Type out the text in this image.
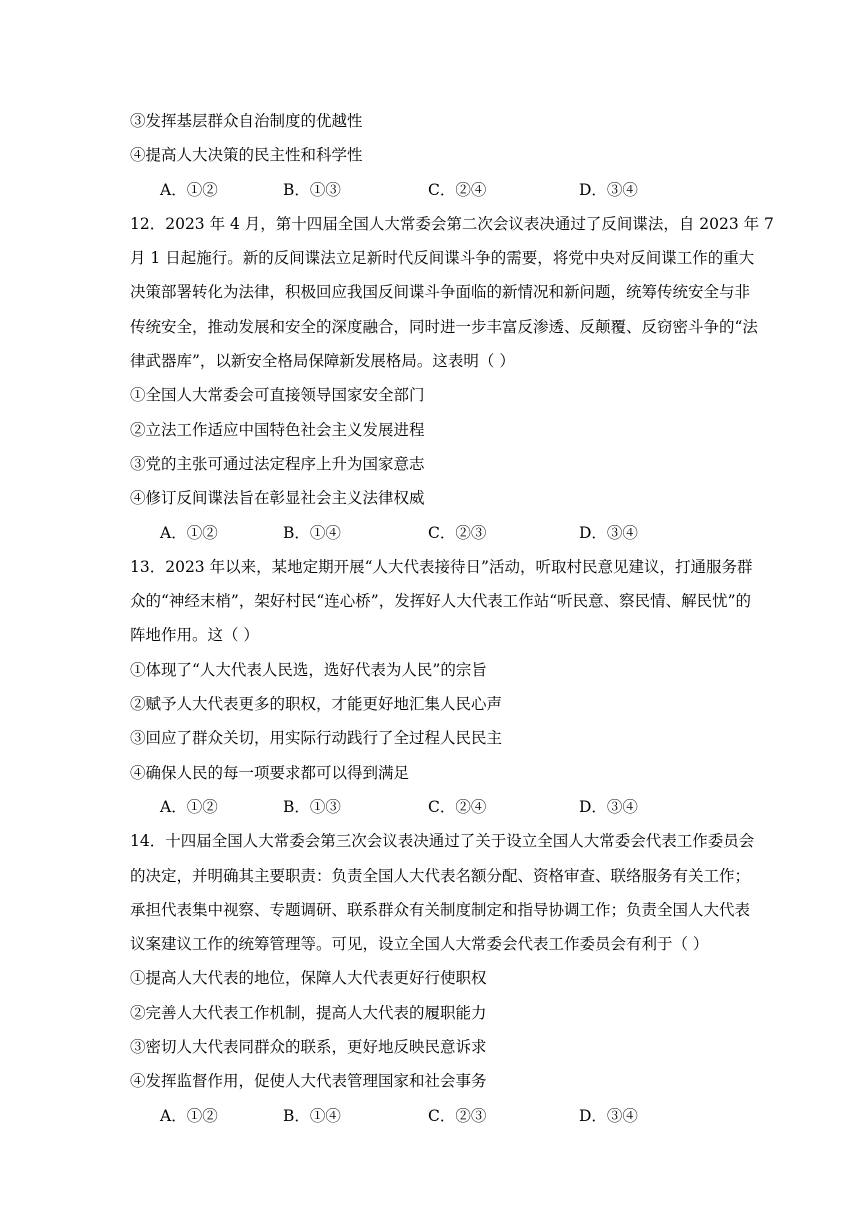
③发挥基层群众自治制度的优越性
④提高人大决策的民主性和科学性
A．①②	B．①③	C．②④	D．③④
12．2023 年 4 月，第十四届全国人大常委会第二次会议表决通过了反间谍法，自 2023 年 7
月 1 日起施行。新的反间谍法立足新时代反间谍斗争的需要，将党中央对反间谍工作的重大
决策部署转化为法律，积极回应我国反间谍斗争面临的新情况和新问题，统筹传统安全与非
传统安全，推动发展和安全的深度融合，同时进一步丰富反渗透、反颠覆、反窃密斗争的“法
律武器库”，以新安全格局保障新发展格局。这表明（ ）
①全国人大常委会可直接领导国家安全部门
②立法工作适应中国特色社会主义发展进程
③党的主张可通过法定程序上升为国家意志
④修订反间谍法旨在彰显社会主义法律权威
A．①②	B．①④	C．②③	D．③④
13．2023 年以来，某地定期开展“人大代表接待日”活动，听取村民意见建议，打通服务群
众的“神经末梢”，架好村民“连心桥”，发挥好人大代表工作站“听民意、察民情、解民忧”的
阵地作用。这（ ）
①体现了“人大代表人民选，选好代表为人民”的宗旨
②赋予人大代表更多的职权，才能更好地汇集人民心声
③回应了群众关切，用实际行动践行了全过程人民民主
④确保人民的每一项要求都可以得到满足
A．①②	B．①③	C．②④	D．③④
14．十四届全国人大常委会第三次会议表决通过了关于设立全国人大常委会代表工作委员会
的决定，并明确其主要职责：负责全国人大代表名额分配、资格审查、联络服务有关工作；
承担代表集中视察、专题调研、联系群众有关制度制定和指导协调工作；负责全国人大代表
议案建议工作的统筹管理等。可见，设立全国人大常委会代表工作委员会有利于（ ）
①提高人大代表的地位，保障人大代表更好行使职权
②完善人大代表工作机制，提高人大代表的履职能力
③密切人大代表同群众的联系，更好地反映民意诉求
④发挥监督作用，促使人大代表管理国家和社会事务
A．①②	B．①④	C．②③	D．③④
